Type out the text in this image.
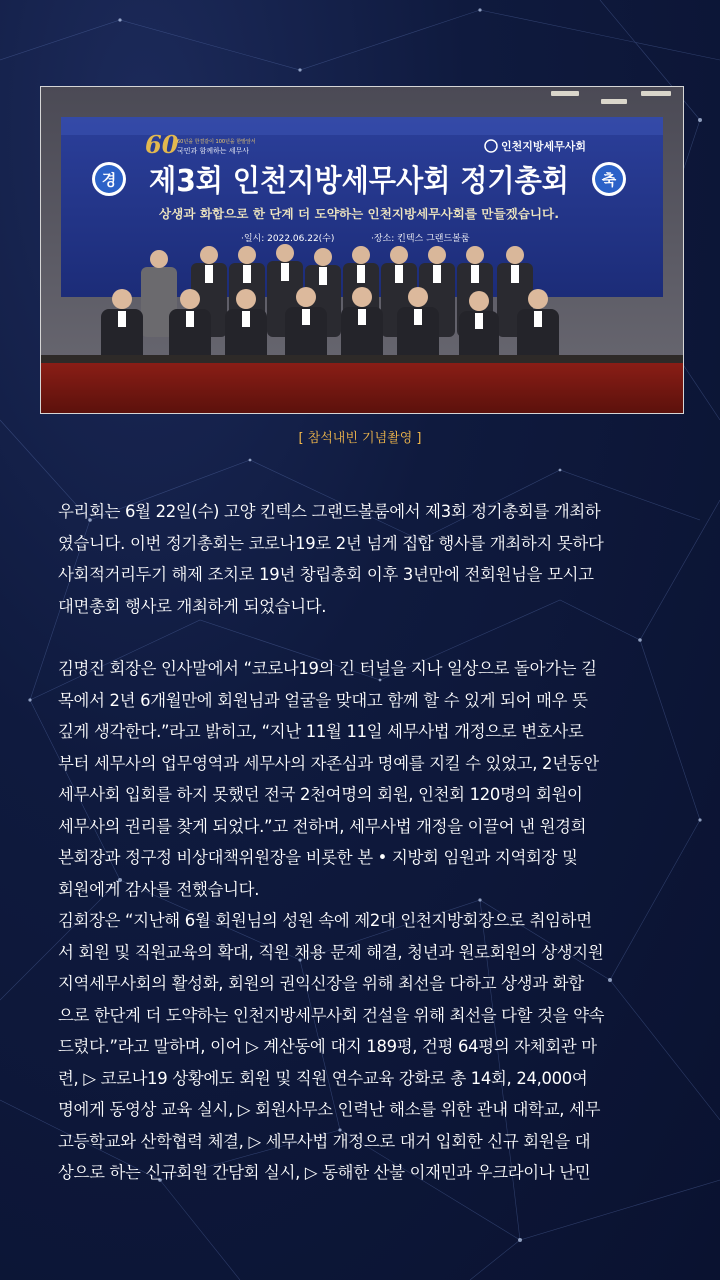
60
60년을 한결같이 100년을 한발앞서
국민과 함께하는 세무사	인천지방세무사회
경	축
제3회 인천지방세무사회 정기총회
상생과 화합으로 한 단계 더 도약하는 인천지방세무사회를 만들겠습니다.
·일시: 2022.06.22(수)	·장소: 킨텍스 그랜드볼룸
[ 참석내빈 기념촬영 ]

우리회는 6월 22일(수) 고양 킨텍스 그랜드볼룸에서 제3회 정기총회를 개최하
였습니다. 이번 정기총회는 코로나19로 2년 넘게 집합 행사를 개최하지 못하다
사회적거리두기 해제 조치로 19년 창립총회 이후 3년만에 전회원님을 모시고
대면총회 행사로 개최하게 되었습니다.

김명진 회장은 인사말에서 “코로나19의 긴 터널을 지나 일상으로 돌아가는 길
목에서 2년 6개월만에 회원님과 얼굴을 맞대고 함께 할 수 있게 되어 매우 뜻
깊게 생각한다.”라고 밝히고, “지난 11월 11일 세무사법 개정으로 변호사로
부터 세무사의 업무영역과 세무사의 자존심과 명예를 지킬 수 있었고, 2년동안
세무사회 입회를 하지 못했던 전국 2천여명의 회원, 인천회 120명의 회원이
세무사의 권리를 찾게 되었다.”고 전하며, 세무사법 개정을 이끌어 낸 원경희
본회장과 정구정 비상대책위원장을 비롯한 본 • 지방회 임원과 지역회장 및
회원에게 감사를 전했습니다.

김회장은 “지난해 6월 회원님의 성원 속에 제2대 인천지방회장으로 취임하면
서 회원 및 직원교육의 확대, 직원 채용 문제 해결, 청년과 원로회원의 상생지원
지역세무사회의 활성화, 회원의 권익신장을 위해 최선을 다하고 상생과 화합
으로 한단계 더 도약하는 인천지방세무사회 건설을 위해 최선을 다할 것을 약속
드렸다.”라고 말하며, 이어 ▷ 계산동에 대지 189평, 건평 64평의 자체회관 마
련, ▷ 코로나19 상황에도 회원 및 직원 연수교육 강화로 총 14회, 24,000여
명에게 동영상 교육 실시, ▷ 회원사무소 인력난 해소를 위한 관내 대학교, 세무
고등학교와 산학협력 체결, ▷ 세무사법 개정으로 대거 입회한 신규 회원을 대
상으로 하는 신규회원 간담회 실시, ▷ 동해한 산불 이재민과 우크라이나 난민
